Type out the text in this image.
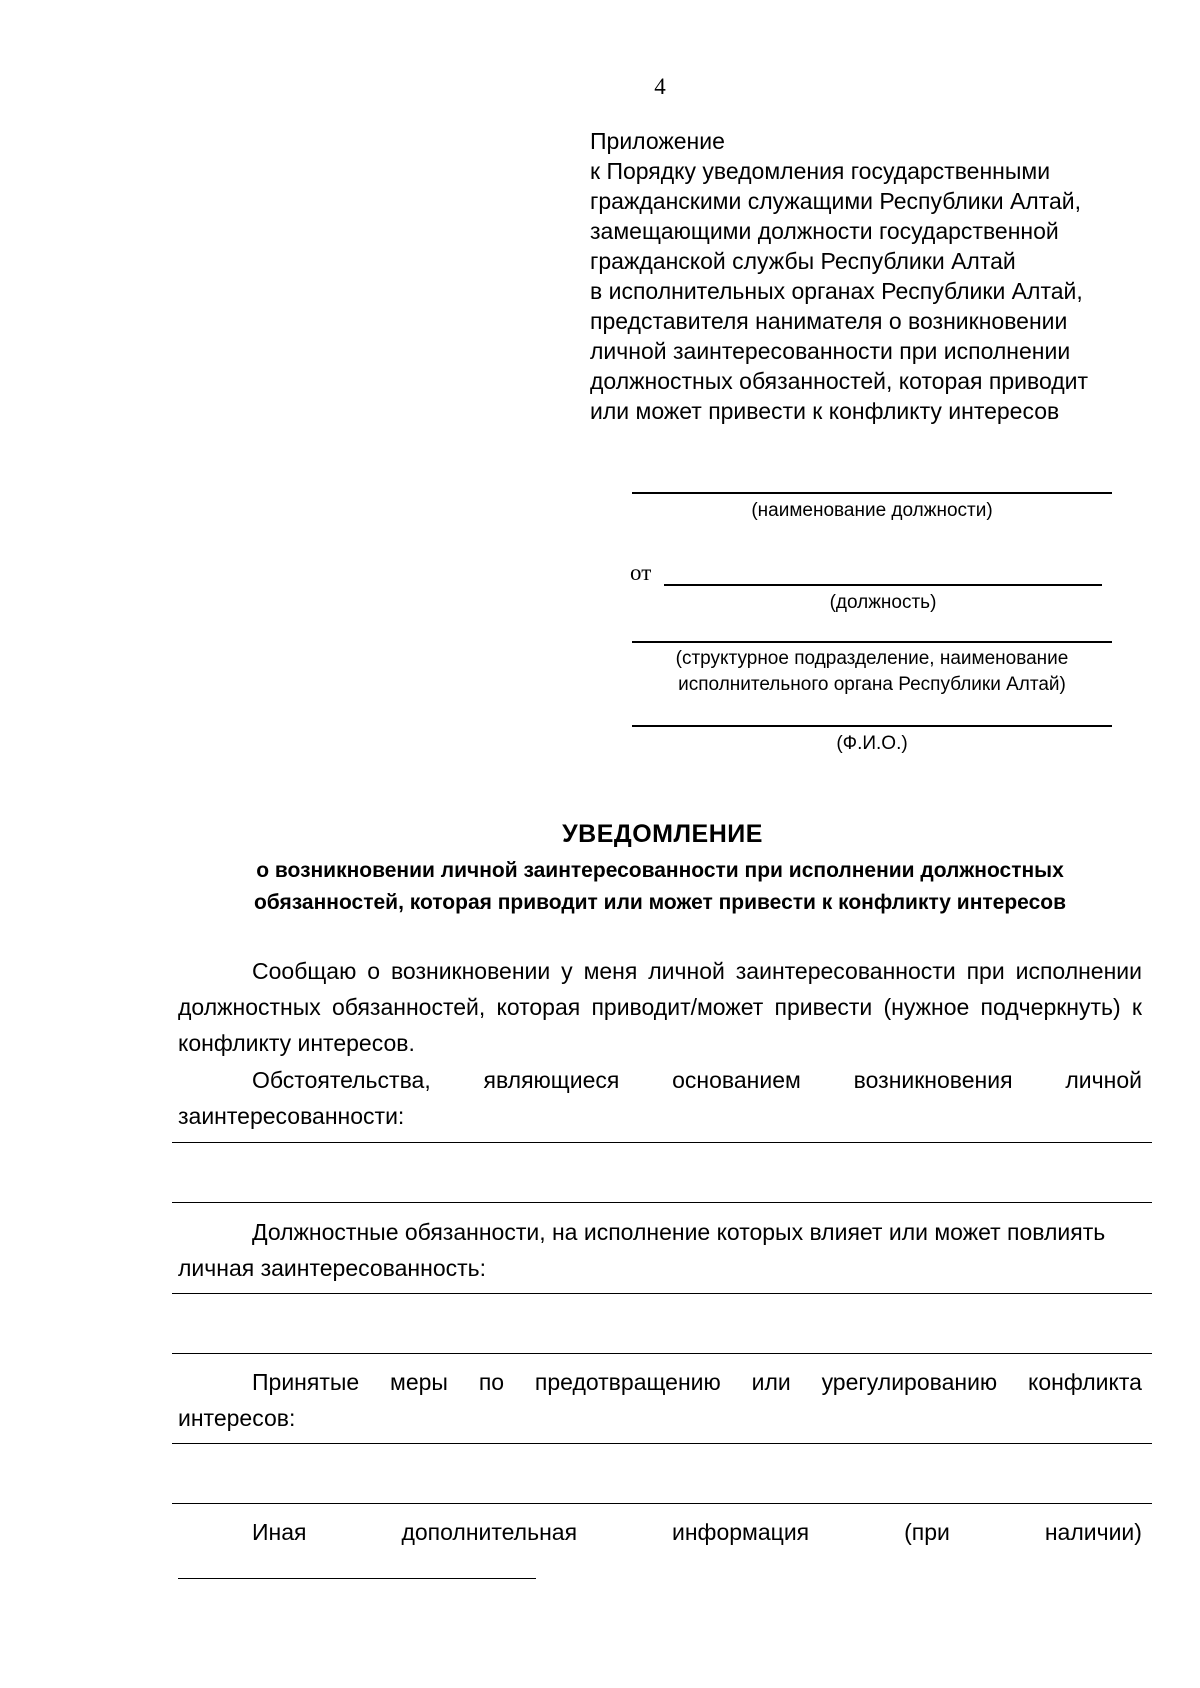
4
Приложение
к Порядку уведомления государственными
гражданскими служащими Республики Алтай,
замещающими должности государственной
гражданской службы Республики Алтай
в исполнительных органах Республики Алтай,
представителя нанимателя о возникновении
личной заинтересованности при исполнении
должностных обязанностей, которая приводит
или может привести к конфликту интересов
(наименование должности)
от
(должность)
(структурное подразделение, наименование
исполнительного органа Республики Алтай)
(Ф.И.О.)
УВЕДОМЛЕНИЕ
о возникновении личной заинтересованности при исполнении должностных
обязанностей, которая приводит или может привести к конфликту интересов
Сообщаю о возникновении у меня личной заинтересованности при исполнении должностных обязанностей, которая приводит/может привести (нужное подчеркнуть) к конфликту интересов.
Обстоятельства, являющиеся основанием возникновения личной
заинтересованности:
Должностные обязанности, на исполнение которых влияет или может повлиять
личная заинтересованность:
Принятые меры по предотвращению или урегулированию конфликта
интересов:
Иная	дополнительная	информация	(при	наличии)
